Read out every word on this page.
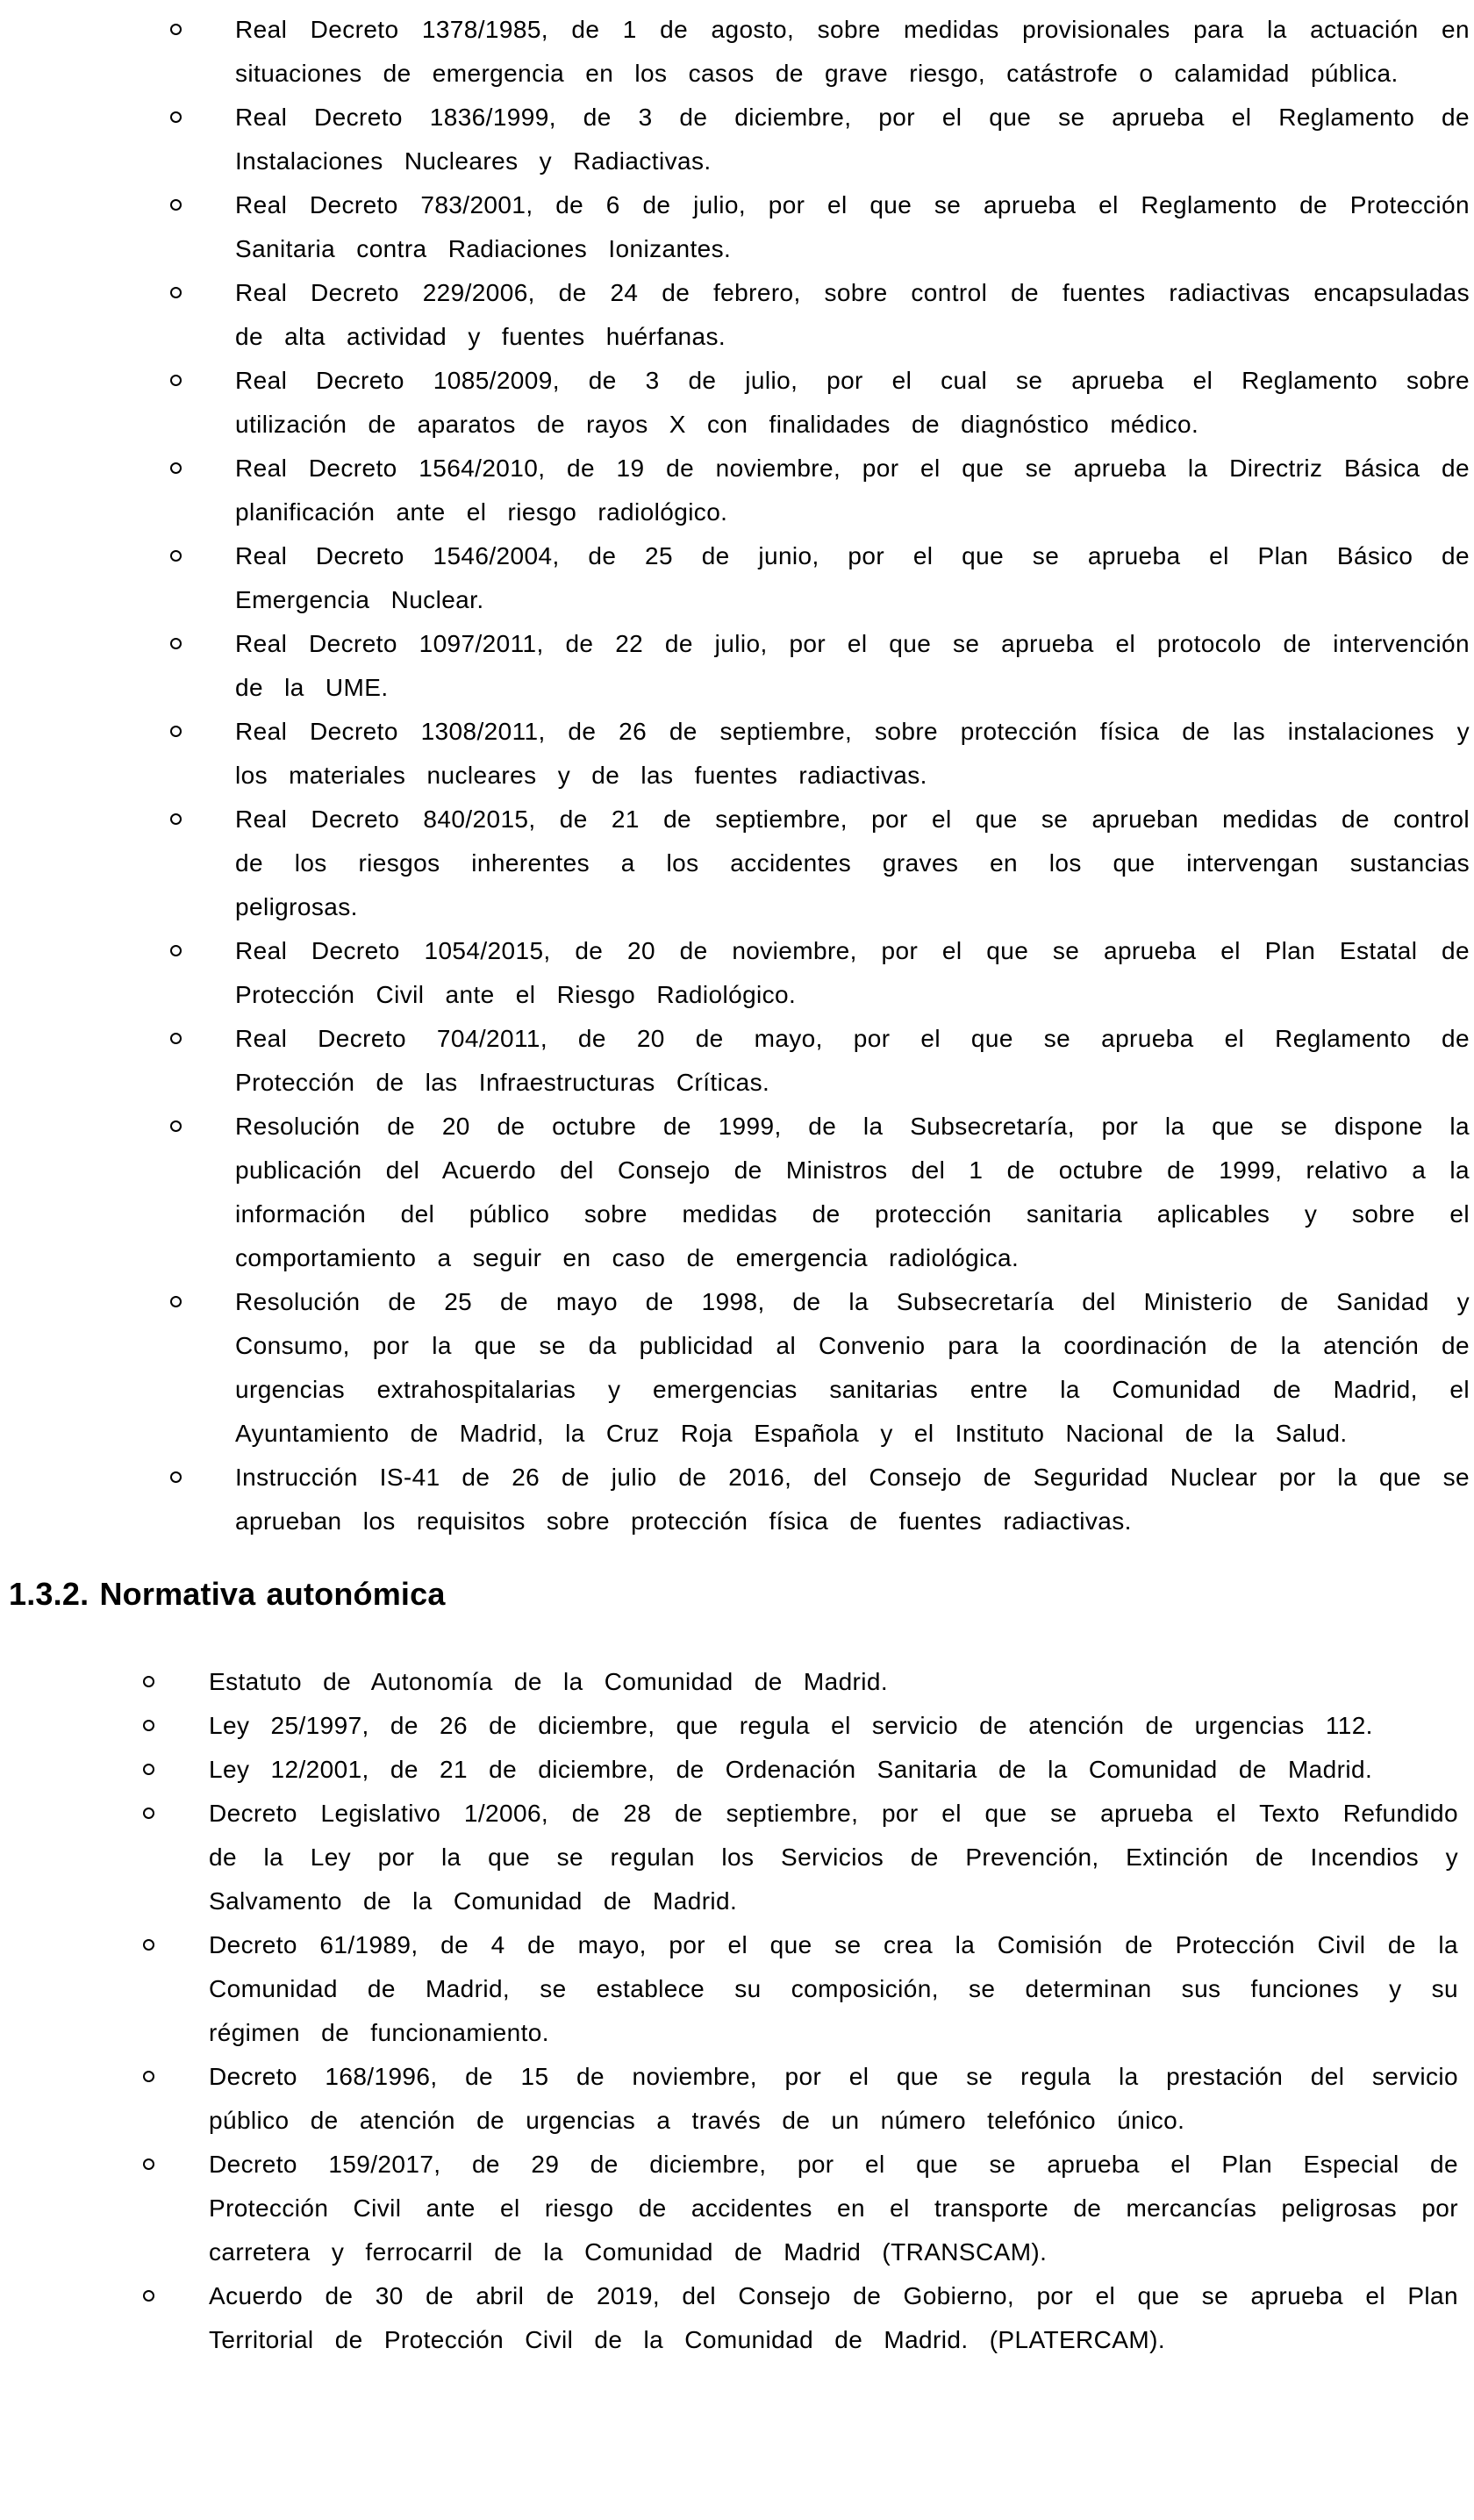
Real Decreto 1378/1985, de 1 de agosto, sobre medidas provisionales para la actuación en situaciones de emergencia en los casos de grave riesgo, catástrofe o calamidad pública.
Real Decreto 1836/1999, de 3 de diciembre, por el que se aprueba el Reglamento de Instalaciones Nucleares y Radiactivas.
Real Decreto 783/2001, de 6 de julio, por el que se aprueba el Reglamento de Protección Sanitaria contra Radiaciones Ionizantes.
Real Decreto 229/2006, de 24 de febrero, sobre control de fuentes radiactivas encapsuladas de alta actividad y fuentes huérfanas.
Real Decreto 1085/2009, de 3 de julio, por el cual se aprueba el Reglamento sobre utilización de aparatos de rayos X con finalidades de diagnóstico médico.
Real Decreto 1564/2010, de 19 de noviembre, por el que se aprueba la Directriz Básica de planificación ante el riesgo radiológico.
Real Decreto 1546/2004, de 25 de junio, por el que se aprueba el Plan Básico de Emergencia Nuclear.
Real Decreto 1097/2011, de 22 de julio, por el que se aprueba el protocolo de intervención de la UME.
Real Decreto 1308/2011, de 26 de septiembre, sobre protección física de las instalaciones y los materiales nucleares y de las fuentes radiactivas.
Real Decreto 840/2015, de 21 de septiembre, por el que se aprueban medidas de control de los riesgos inherentes a los accidentes graves en los que intervengan sustancias peligrosas.
Real Decreto 1054/2015, de 20 de noviembre, por el que se aprueba el Plan Estatal de Protección Civil ante el Riesgo Radiológico.
Real Decreto 704/2011, de 20 de mayo, por el que se aprueba el Reglamento de Protección de las Infraestructuras Críticas.
Resolución de 20 de octubre de 1999, de la Subsecretaría, por la que se dispone la publicación del Acuerdo del Consejo de Ministros del 1 de octubre de 1999, relativo a la información del público sobre medidas de protección sanitaria aplicables y sobre el comportamiento a seguir en caso de emergencia radiológica.
Resolución de 25 de mayo de 1998, de la Subsecretaría del Ministerio de Sanidad y Consumo, por la que se da publicidad al Convenio para la coordinación de la atención de urgencias extrahospitalarias y emergencias sanitarias entre la Comunidad de Madrid, el Ayuntamiento de Madrid, la Cruz Roja Española y el Instituto Nacional de la Salud.
Instrucción IS-41 de 26 de julio de 2016, del Consejo de Seguridad Nuclear por la que se aprueban los requisitos sobre protección física de fuentes radiactivas.
1.3.2. Normativa autonómica
Estatuto de Autonomía de la Comunidad de Madrid.
Ley 25/1997, de 26 de diciembre, que regula el servicio de atención de urgencias 112.
Ley 12/2001, de 21 de diciembre, de Ordenación Sanitaria de la Comunidad de Madrid.
Decreto Legislativo 1/2006, de 28 de septiembre, por el que se aprueba el Texto Refundido de la Ley por la que se regulan los Servicios de Prevención, Extinción de Incendios y Salvamento de la Comunidad de Madrid.
Decreto 61/1989, de 4 de mayo, por el que se crea la Comisión de Protección Civil de la Comunidad de Madrid, se establece su composición, se determinan sus funciones y su régimen de funcionamiento.
Decreto 168/1996, de 15 de noviembre, por el que se regula la prestación del servicio público de atención de urgencias a través de un número telefónico único.
Decreto 159/2017, de 29 de diciembre, por el que se aprueba el Plan Especial de Protección Civil ante el riesgo de accidentes en el transporte de mercancías peligrosas por carretera y ferrocarril de la Comunidad de Madrid (TRANSCAM).
Acuerdo de 30 de abril de 2019, del Consejo de Gobierno, por el que se aprueba el Plan Territorial de Protección Civil de la Comunidad de Madrid. (PLATERCAM).
